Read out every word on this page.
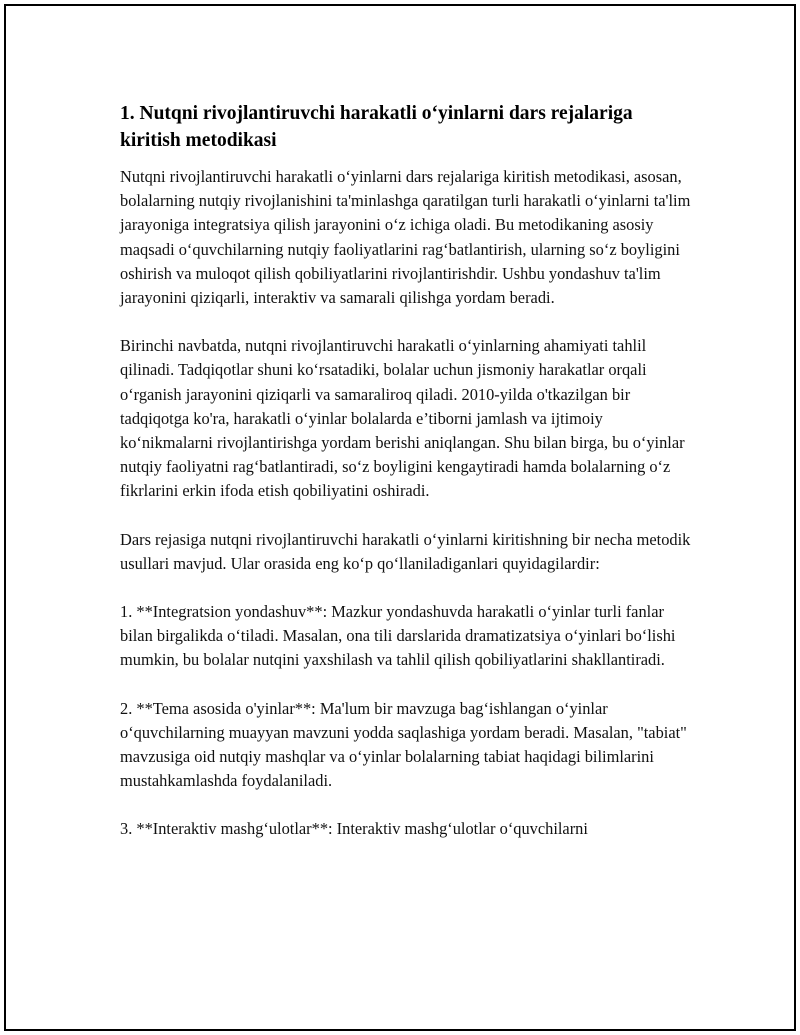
1. Nutqni rivojlantiruvchi harakatli o‘yinlarni dars rejalariga kiritish metodikasi

Nutqni rivojlantiruvchi harakatli o‘yinlarni dars rejalariga kiritish metodikasi, asosan, bolalarning nutqiy rivojlanishini ta'minlashga qaratilgan turli harakatli o‘yinlarni ta'lim jarayoniga integratsiya qilish jarayonini o‘z ichiga oladi. Bu metodikaning asosiy maqsadi o‘quvchilarning nutqiy faoliyatlarini rag‘batlantirish, ularning so‘z boyligini oshirish va muloqot qilish qobiliyatlarini rivojlantirishdir. Ushbu yondashuv ta'lim jarayonini qiziqarli, interaktiv va samarali qilishga yordam beradi.

Birinchi navbatda, nutqni rivojlantiruvchi harakatli o‘yinlarning ahamiyati tahlil qilinadi. Tadqiqotlar shuni ko‘rsatadiki, bolalar uchun jismoniy harakatlar orqali o‘rganish jarayonini qiziqarli va samaraliroq qiladi. 2010-yilda o'tkazilgan bir tadqiqotga ko'ra, harakatli o‘yinlar bolalarda e’tiborni jamlash va ijtimoiy ko‘nikmalarni rivojlantirishga yordam berishi aniqlangan. Shu bilan birga, bu o‘yinlar nutqiy faoliyatni rag‘batlantiradi, so‘z boyligini kengaytiradi hamda bolalarning o‘z fikrlarini erkin ifoda etish qobiliyatini oshiradi.

Dars rejasiga nutqni rivojlantiruvchi harakatli o‘yinlarni kiritishning bir necha metodik usullari mavjud. Ular orasida eng ko‘p qo‘llaniladiganlari quyidagilardir:

1. **Integratsion yondashuv**: Mazkur yondashuvda harakatli o‘yinlar turli fanlar bilan birgalikda o‘tiladi. Masalan, ona tili darslarida dramatizatsiya o‘yinlari bo‘lishi mumkin, bu bolalar nutqini yaxshilash va tahlil qilish qobiliyatlarini shakllantiradi.

2. **Tema asosida o'yinlar**: Ma'lum bir mavzuga bag‘ishlangan o‘yinlar o‘quvchilarning muayyan mavzuni yodda saqlashiga yordam beradi. Masalan, "tabiat" mavzusiga oid nutqiy mashqlar va o‘yinlar bolalarning tabiat haqidagi bilimlarini mustahkamlashda foydalaniladi.

3. **Interaktiv mashg‘ulotlar**: Interaktiv mashg‘ulotlar o‘quvchilarni
